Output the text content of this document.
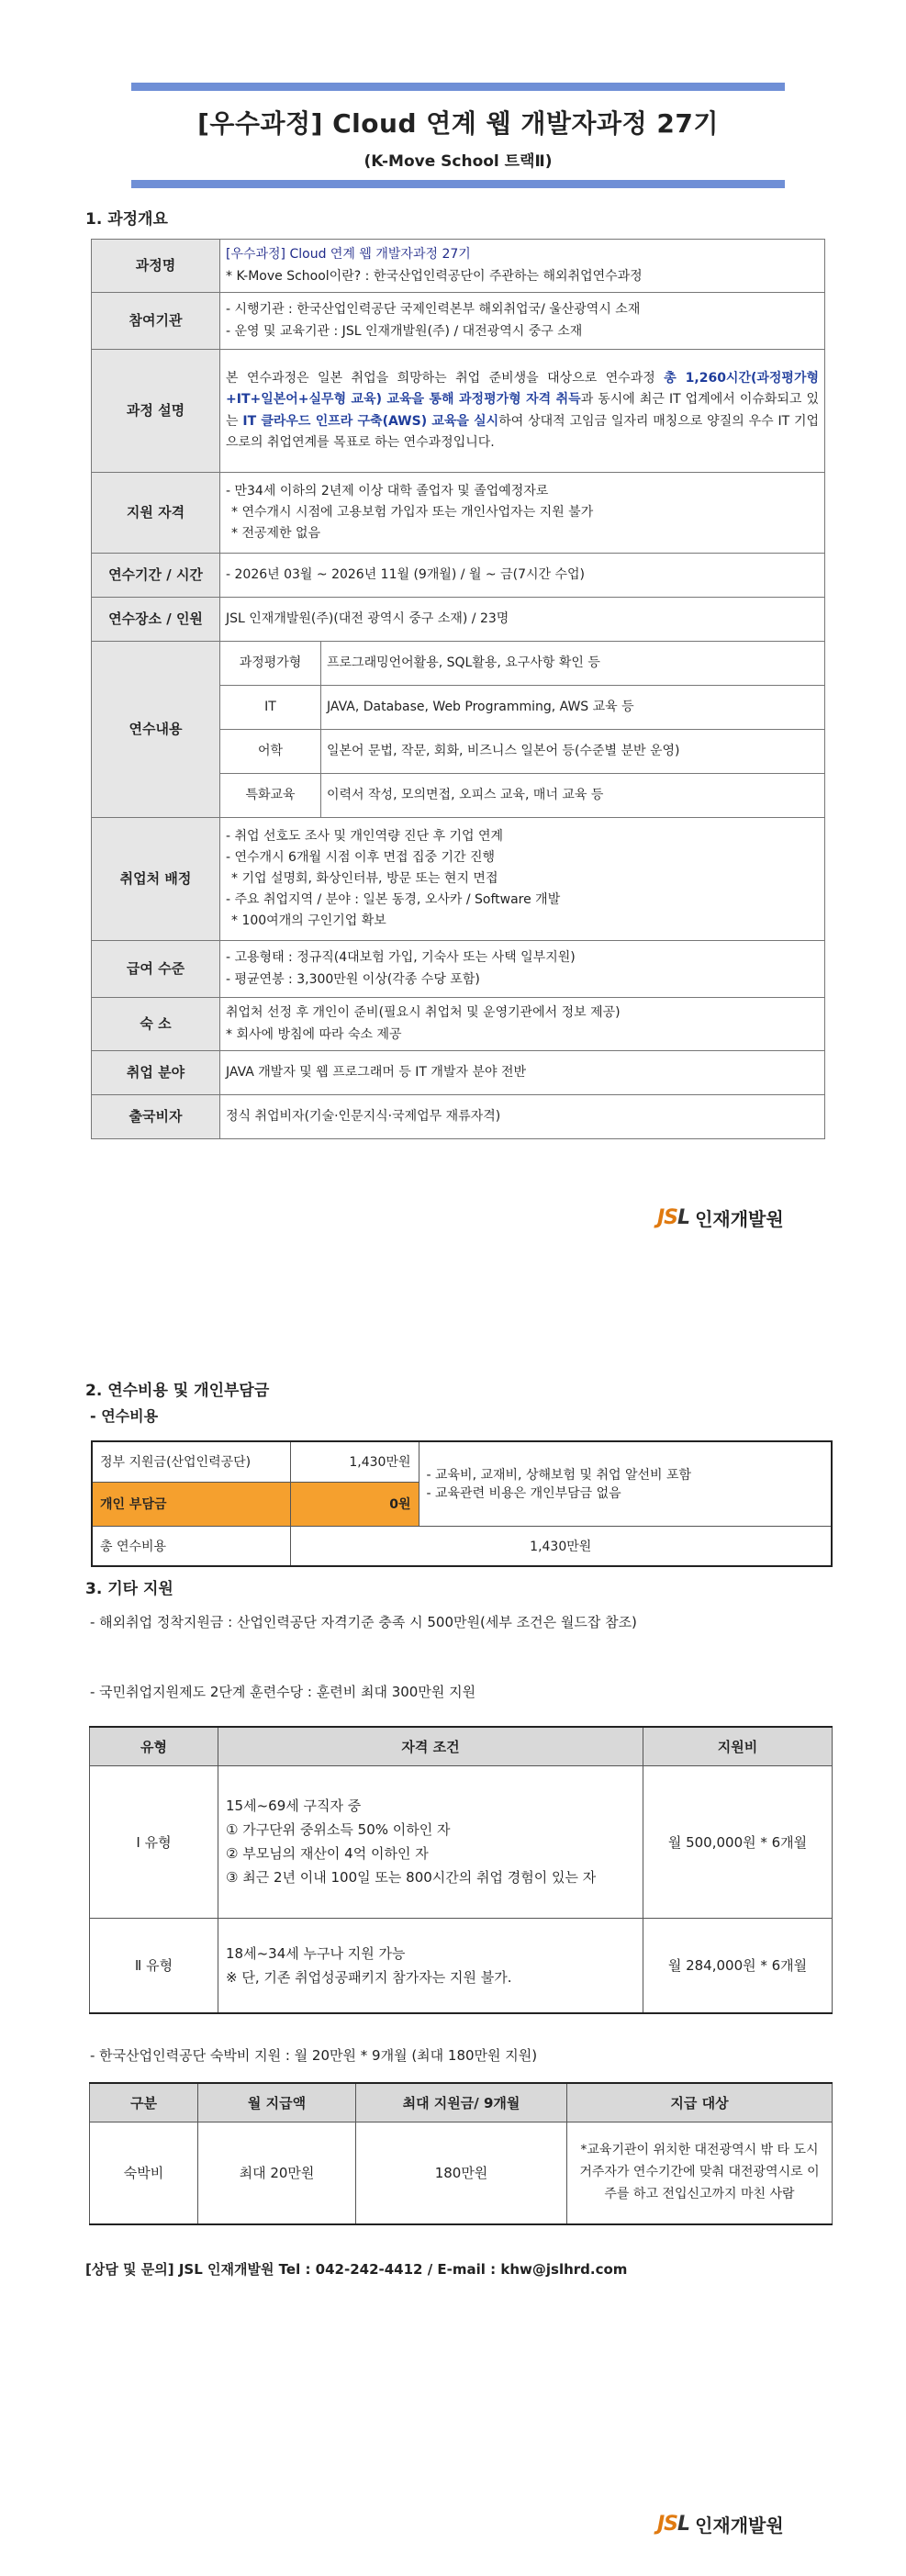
[우수과정] Cloud 연계 웹 개발자과정 27기
(K-Move School 트랙Ⅱ)
1. 과정개요
과정명	[우수과정] Cloud 연계 웹 개발자과정 27기
* K-Move School이란? : 한국산업인력공단이 주관하는 해외취업연수과정	

참여기관	- 시행기관 : 한국산업인력공단 국제인력본부 해외취업국/ 울산광역시 소재
- 운영 및 교육기관 : JSL 인재개발원(주) / 대전광역시 중구 소재	

과정 설명	본 연수과정은 일본 취업을 희망하는 취업 준비생을 대상으로 연수과정 총 1,260시간(과정평가형+IT+일본어+실무형 교육) 교육을 통해 과정평가형 자격 취득과 동시에 최근 IT 업계에서 이슈화되고 있는 IT 클라우드 인프라 구축(AWS) 교육을 실시하여 상대적 고임금 일자리 매칭으로 양질의 우수 IT 기업으로의 취업연계를 목표로 하는 연수과정입니다.	
지원 자격	- 만34세 이하의 2년제 이상 대학 졸업자 및 졸업예정자로
* 연수개시 시점에 고용보험 가입자 또는 개인사업자는 지원 불가
* 전공제한 없음	

연수기간 / 시간	- 2026년 03월 ~ 2026년 11월 (9개월) / 월 ~ 금(7시간 수업)	
연수장소 / 인원	JSL 인재개발원(주)(대전 광역시 중구 소재) / 23명	
연수내용	과정평가형	프로그래밍언어활용, SQL활용, 요구사항 확인 등
	IT	JAVA, Database, Web Programming, AWS 교육 등
	어학	일본어 문법, 작문, 회화, 비즈니스 일본어 등(수준별 분반 운영)
	특화교육	이력서 작성, 모의면접, 오피스 교육, 매너 교육 등
취업처 배정	- 취업 선호도 조사 및 개인역량 진단 후 기업 연계
- 연수개시 6개월 시점 이후 면접 집중 기간 진행
* 기업 설명회, 화상인터뷰, 방문 또는 현지 면접
- 주요 취업지역 / 분야 : 일본 동경, 오사카 / Software 개발
* 100여개의 구인기업 확보	

급여 수준	- 고용형태 : 정규직(4대보험 가입, 기숙사 또는 사택 일부지원)
- 평균연봉 : 3,300만원 이상(각종 수당 포함)	

숙 소	취업처 선정 후 개인이 준비(필요시 취업처 및 운영기관에서 정보 제공)
* 회사에 방침에 따라 숙소 제공	

취업 분야	JAVA 개발자 및 웹 프로그래머 등 IT 개발자 분야 전반	
출국비자	정식 취업비자(기술·인문지식·국제업무 재류자격)	
JSL 인재개발원
2. 연수비용 및 개인부담금
- 연수비용
정부 지원금(산업인력공단)	1,430만원	- 교육비, 교재비, 상해보험 및 취업 알선비 포함
- 교육관련 비용은 개인부담금 없음

개인 부담금	0원	
총 연수비용	1,430만원	
3. 기타 지원
- 해외취업 정착지원금 : 산업인력공단 자격기준 충족 시 500만원(세부 조건은 월드잡 참조)
- 국민취업지원제도 2단계 훈련수당 : 훈련비 최대 300만원 지원
유형	자격 조건	지원비
Ⅰ 유형	15세~69세 구직자 중
① 가구단위 중위소득 50% 이하인 자
② 부모님의 재산이 4억 이하인 자
③ 최근 2년 이내 100일 또는 800시간의 취업 경험이 있는 자	월 500,000원 * 6개월
Ⅱ 유형	18세~34세 누구나 지원 가능
※ 단, 기존 취업성공패키지 참가자는 지원 불가.	월 284,000원 * 6개월
- 한국산업인력공단 숙박비 지원 : 월 20만원 * 9개월 (최대 180만원 지원)
구분	월 지급액	최대 지원금/ 9개월	지급 대상
숙박비	최대 20만원	180만원	*교육기관이 위치한 대전광역시 밖 타 도시 거주자가 연수기간에 맞춰 대전광역시로 이주를 하고 전입신고까지 마친 사람
[상담 및 문의] JSL 인재개발원 Tel : 042-242-4412 / E-mail : khw@jslhrd.com
JSL 인재개발원
